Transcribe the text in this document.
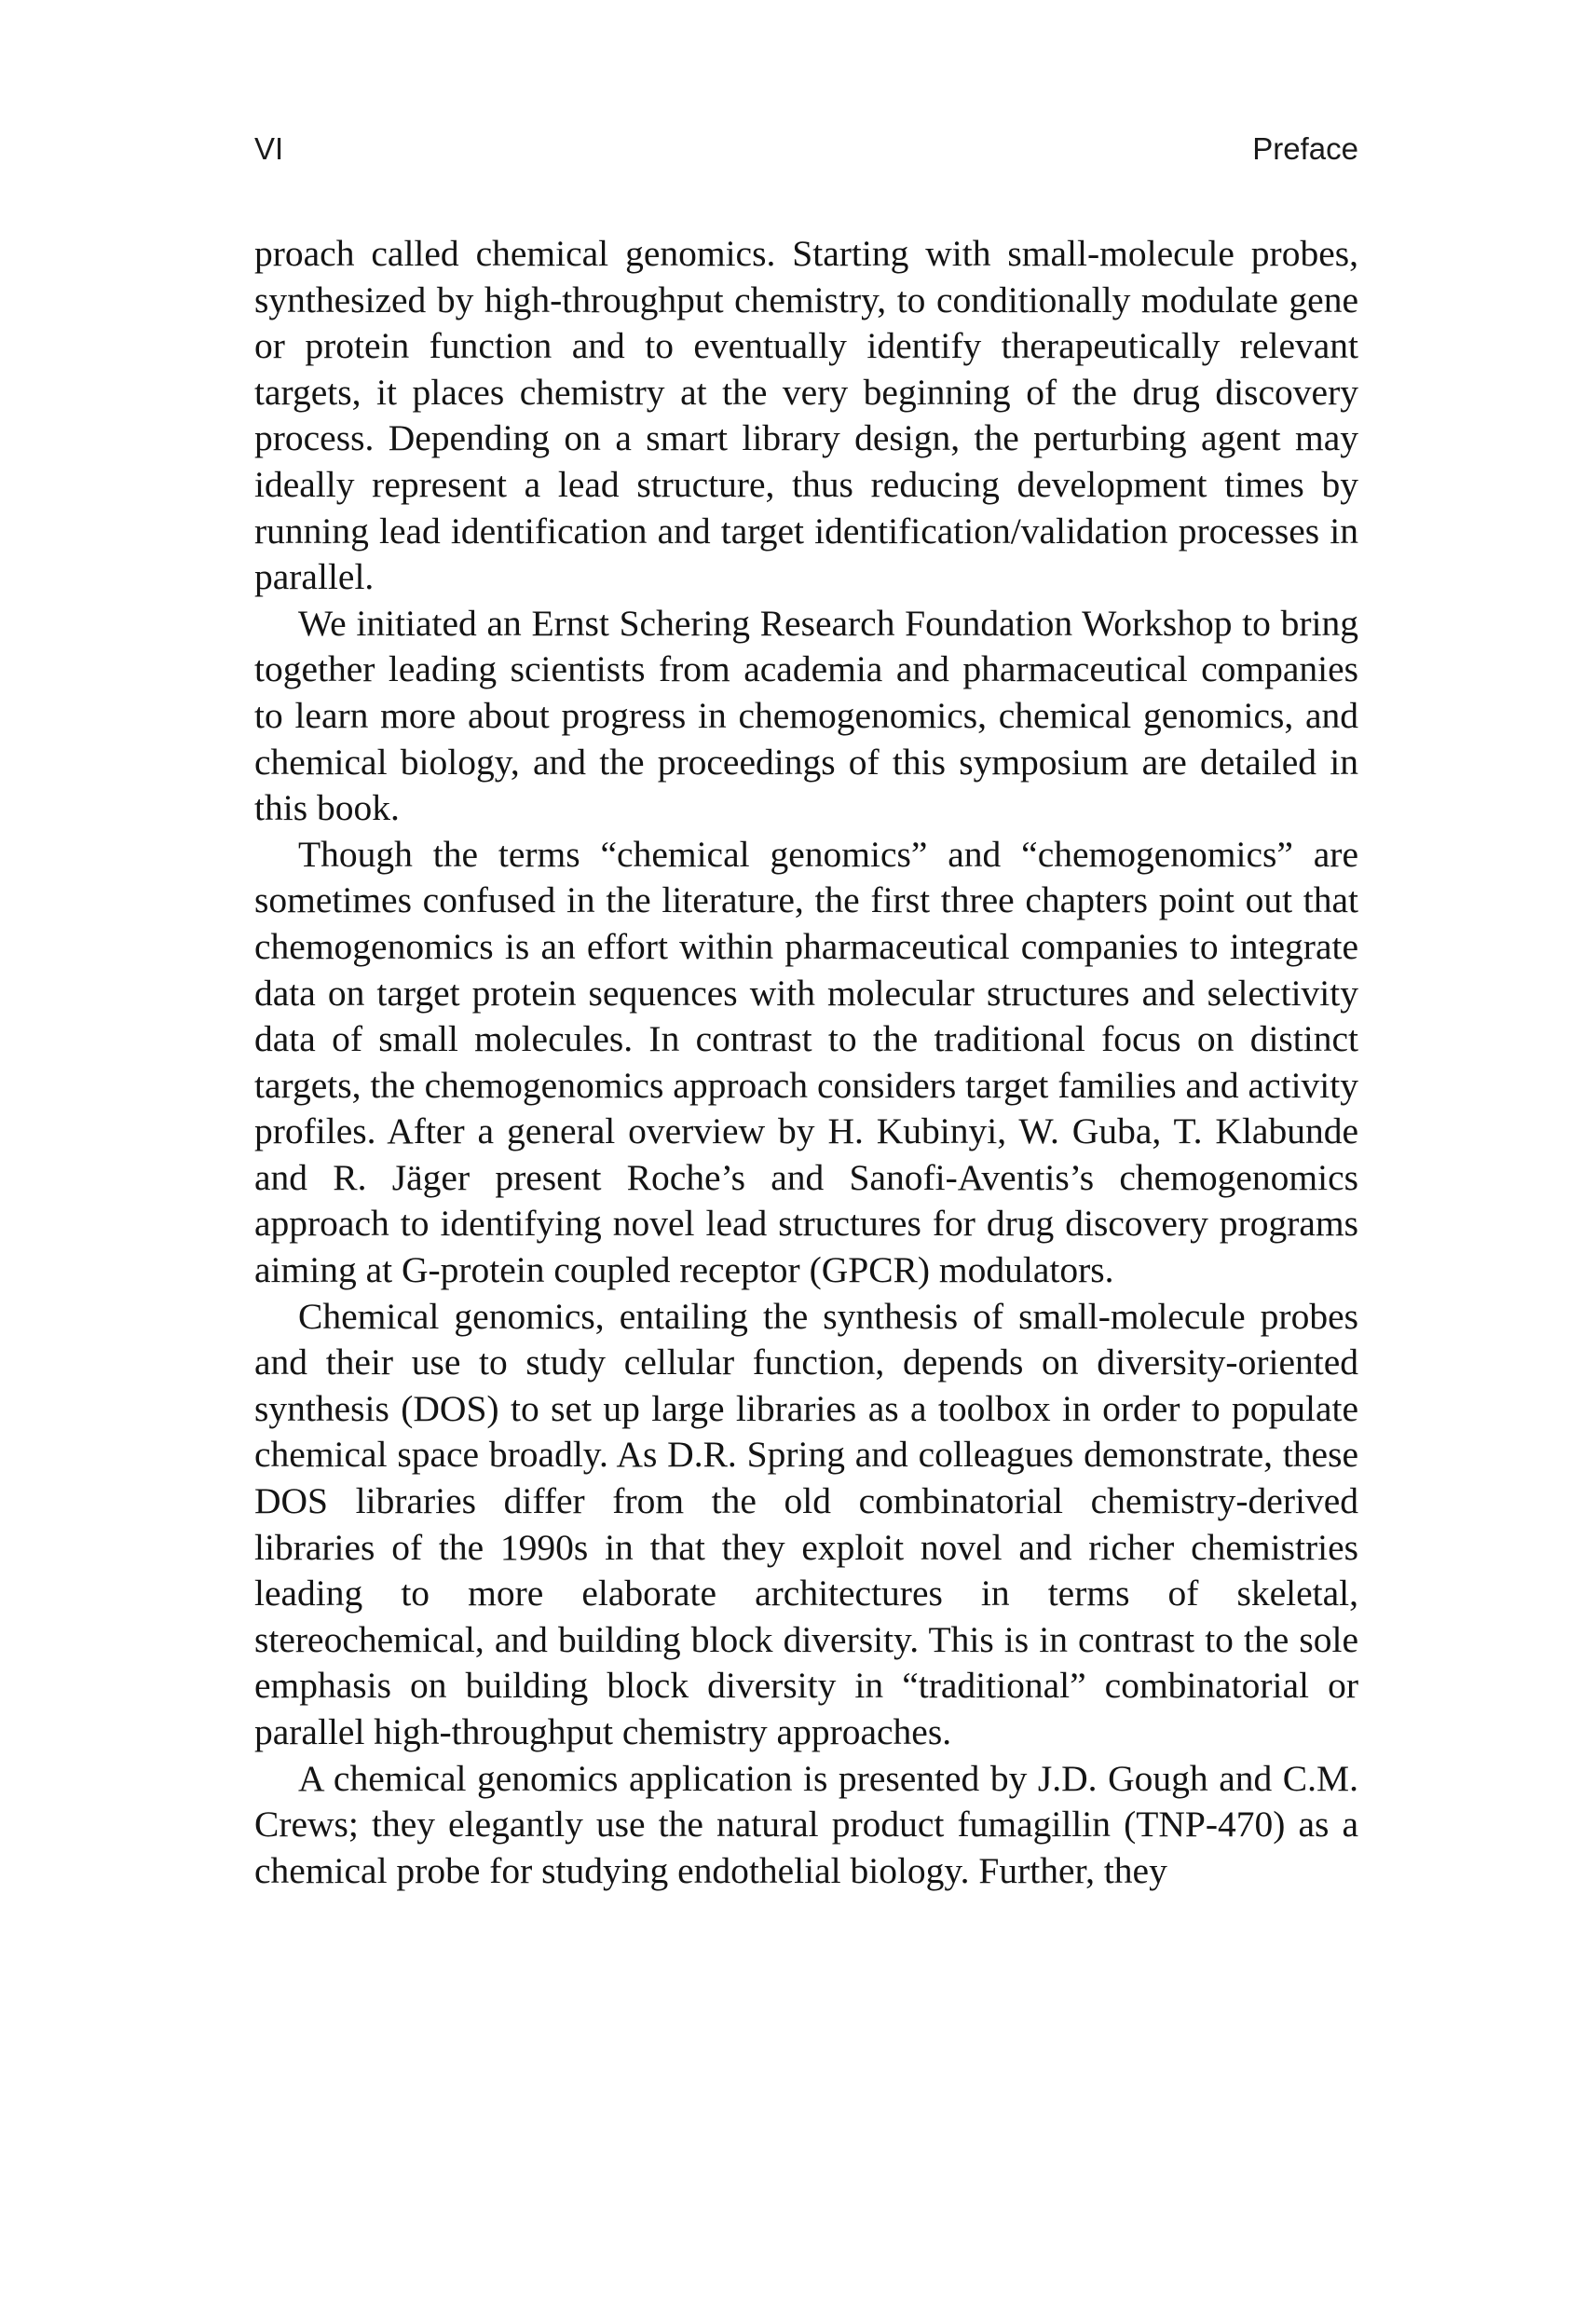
VI	Preface

proach called chemical genomics. Starting with small-molecule probes, synthesized by high-throughput chemistry, to conditionally modulate gene or protein function and to eventually identify therapeutically relevant targets, it places chemistry at the very beginning of the drug discovery process. Depending on a smart library design, the perturbing agent may ideally represent a lead structure, thus reducing development times by running lead identification and target identification/validation processes in parallel.

We initiated an Ernst Schering Research Foundation Workshop to bring together leading scientists from academia and pharmaceutical companies to learn more about progress in chemogenomics, chemical genomics, and chemical biology, and the proceedings of this symposium are detailed in this book.

Though the terms “chemical genomics” and “chemogenomics” are sometimes confused in the literature, the first three chapters point out that chemogenomics is an effort within pharmaceutical companies to integrate data on target protein sequences with molecular structures and selectivity data of small molecules. In contrast to the traditional focus on distinct targets, the chemogenomics approach considers target families and activity profiles. After a general overview by H. Kubinyi, W. Guba, T. Klabunde and R. Jäger present Roche’s and Sanofi-Aventis’s chemogenomics approach to identifying novel lead structures for drug discovery programs aiming at G-protein coupled receptor (GPCR) modulators.

Chemical genomics, entailing the synthesis of small-molecule probes and their use to study cellular function, depends on diversity-oriented synthesis (DOS) to set up large libraries as a toolbox in order to populate chemical space broadly. As D.R. Spring and colleagues demonstrate, these DOS libraries differ from the old combinatorial chemistry-derived libraries of the 1990s in that they exploit novel and richer chemistries leading to more elaborate architectures in terms of skeletal, stereochemical, and building block diversity. This is in contrast to the sole emphasis on building block diversity in “traditional” combinatorial or parallel high-throughput chemistry approaches.

A chemical genomics application is presented by J.D. Gough and C.M. Crews; they elegantly use the natural product fumagillin (TNP-470) as a chemical probe for studying endothelial biology. Further, they
